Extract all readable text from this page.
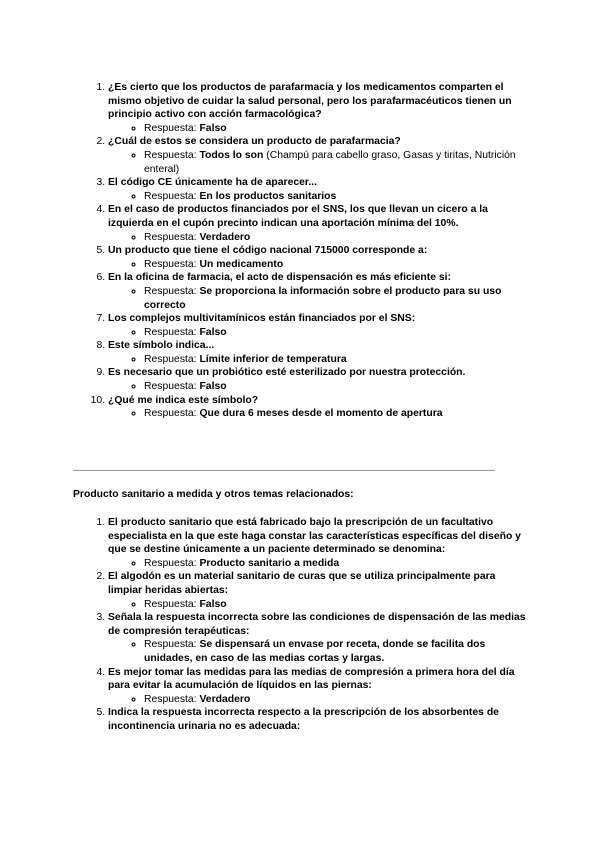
1. ¿Es cierto que los productos de parafarmacia y los medicamentos comparten el mismo objetivo de cuidar la salud personal, pero los parafarmacéuticos tienen un principio activo con acción farmacológica?
◦ Respuesta: Falso
2. ¿Cuál de estos se considera un producto de parafarmacia?
◦ Respuesta: Todos lo son (Champú para cabello graso, Gasas y tiritas, Nutrición enteral)
3. El código CE únicamente ha de aparecer...
◦ Respuesta: En los productos sanitarios
4. En el caso de productos financiados por el SNS, los que llevan un cicero a la izquierda en el cupón precinto indican una aportación mínima del 10%.
◦ Respuesta: Verdadero
5. Un producto que tiene el código nacional 715000 corresponde a:
◦ Respuesta: Un medicamento
6. En la oficina de farmacia, el acto de dispensación es más eficiente si:
◦ Respuesta: Se proporciona la información sobre el producto para su uso correcto
7. Los complejos multivitamínicos están financiados por el SNS:
◦ Respuesta: Falso
8. Este símbolo indica...
◦ Respuesta: Límite inferior de temperatura
9. Es necesario que un probiótico esté esterilizado por nuestra protección.
◦ Respuesta: Falso
10. ¿Qué me indica este símbolo?
◦ Respuesta: Que dura 6 meses desde el momento de apertura
Producto sanitario a medida y otros temas relacionados:
1. El producto sanitario que está fabricado bajo la prescripción de un facultativo especialista en la que este haga constar las características específicas del diseño y que se destine únicamente a un paciente determinado se denomina:
◦ Respuesta: Producto sanitario a medida
2. El algodón es un material sanitario de curas que se utiliza principalmente para limpiar heridas abiertas:
◦ Respuesta: Falso
3. Señala la respuesta incorrecta sobre las condiciones de dispensación de las medias de compresión terapéuticas:
◦ Respuesta: Se dispensará un envase por receta, donde se facilita dos unidades, en caso de las medias cortas y largas.
4. Es mejor tomar las medidas para las medias de compresión a primera hora del día para evitar la acumulación de líquidos en las piernas:
◦ Respuesta: Verdadero
5. Indica la respuesta incorrecta respecto a la prescripción de los absorbentes de incontinencia urinaria no es adecuada:
